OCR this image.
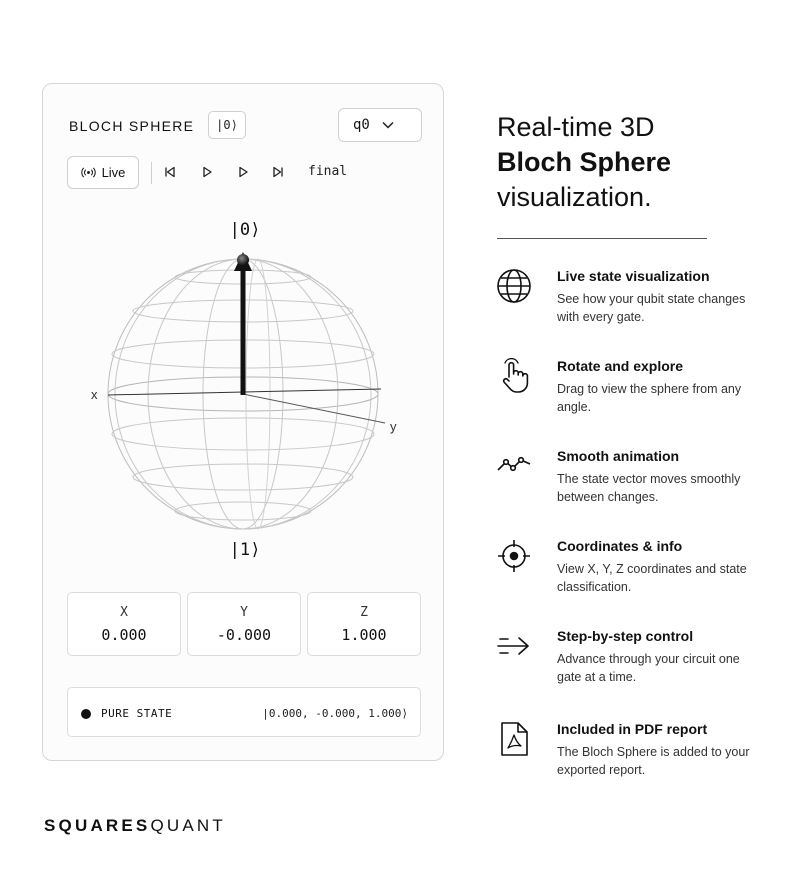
BLOCH SPHERE	|0⟩	q0
Live	final
|0⟩
|1⟩
x
y
X
0.000
Y
-0.000
Z
1.000
PURE STATE	|0.000, -0.000, 1.000⟩
SQUARESQUANT
Real-time 3D
Bloch Sphere
visualization.
Live state visualization
See how your qubit state changes with every gate.
Rotate and explore
Drag to view the sphere from any angle.
Smooth animation
The state vector moves smoothly between changes.
Coordinates & info
View X, Y, Z coordinates and state classification.
Step-by-step control
Advance through your circuit one gate at a time.
Included in PDF report
The Bloch Sphere is added to your exported report.
